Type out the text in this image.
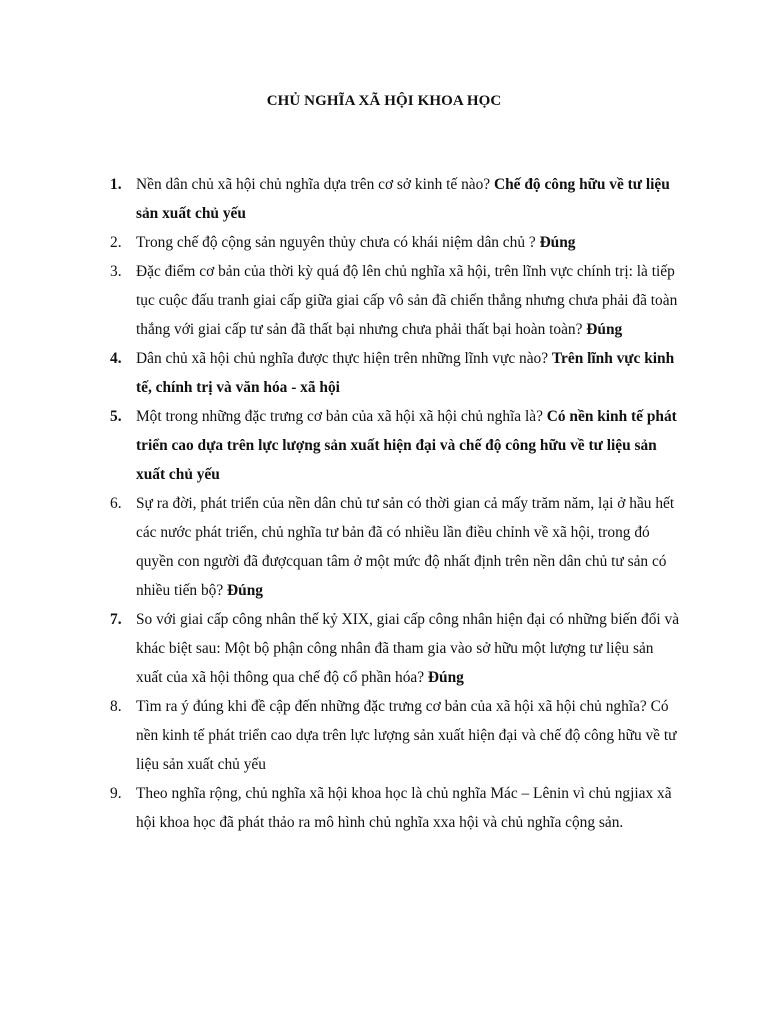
CHỦ NGHĨA XÃ HỘI KHOA HỌC
1. Nền dân chủ xã hội chủ nghĩa dựa trên cơ sở kinh tế nào? Chế độ công hữu về tư liệu sản xuất chủ yếu
2. Trong chế độ cộng sản nguyên thủy chưa có khái niệm dân chủ ? Đúng
3. Đặc điểm cơ bản của thời kỳ quá độ lên chủ nghĩa xã hội, trên lĩnh vực chính trị: là tiếp tục cuộc đấu tranh giai cấp giữa giai cấp vô sản đã chiến thắng nhưng chưa phải đã toàn thắng với giai cấp tư sản đã thất bại nhưng chưa phải thất bại hoàn toàn? Đúng
4. Dân chủ xã hội chủ nghĩa được thực hiện trên những lĩnh vực nào? Trên lĩnh vực kinh tế, chính trị và văn hóa - xã hội
5. Một trong những đặc trưng cơ bản của xã hội xã hội chủ nghĩa là? Có nền kinh tế phát triển cao dựa trên lực lượng sản xuất hiện đại và chế độ công hữu về tư liệu sản xuất chủ yếu
6. Sự ra đời, phát triển của nền dân chủ tư sản có thời gian cả mấy trăm năm, lại ở hầu hết các nước phát triển, chủ nghĩa tư bản đã có nhiều lần điều chỉnh về xã hội, trong đó quyền con người đã đượcquan tâm ở một mức độ nhất định trên nền dân chủ tư sản có nhiều tiến bộ? Đúng
7. So với giai cấp công nhân thế kỷ XIX, giai cấp công nhân hiện đại có những biến đổi và khác biệt sau: Một bộ phận công nhân đã tham gia vào sở hữu một lượng tư liệu sản xuất của xã hội thông qua chế độ cổ phần hóa? Đúng
8. Tìm ra ý đúng khi đề cập đến những đặc trưng cơ bản của xã hội xã hội chủ nghĩa? Có nền kinh tế phát triển cao dựa trên lực lượng sản xuất hiện đại và chế độ công hữu về tư liệu sản xuất chủ yếu
9. Theo nghĩa rộng, chủ nghĩa xã hội khoa học là chủ nghĩa Mác – Lênin vì chủ ngjiax xã hội khoa học đã phát thảo ra mô hình chủ nghĩa xxa hội và chủ nghĩa cộng sản.
